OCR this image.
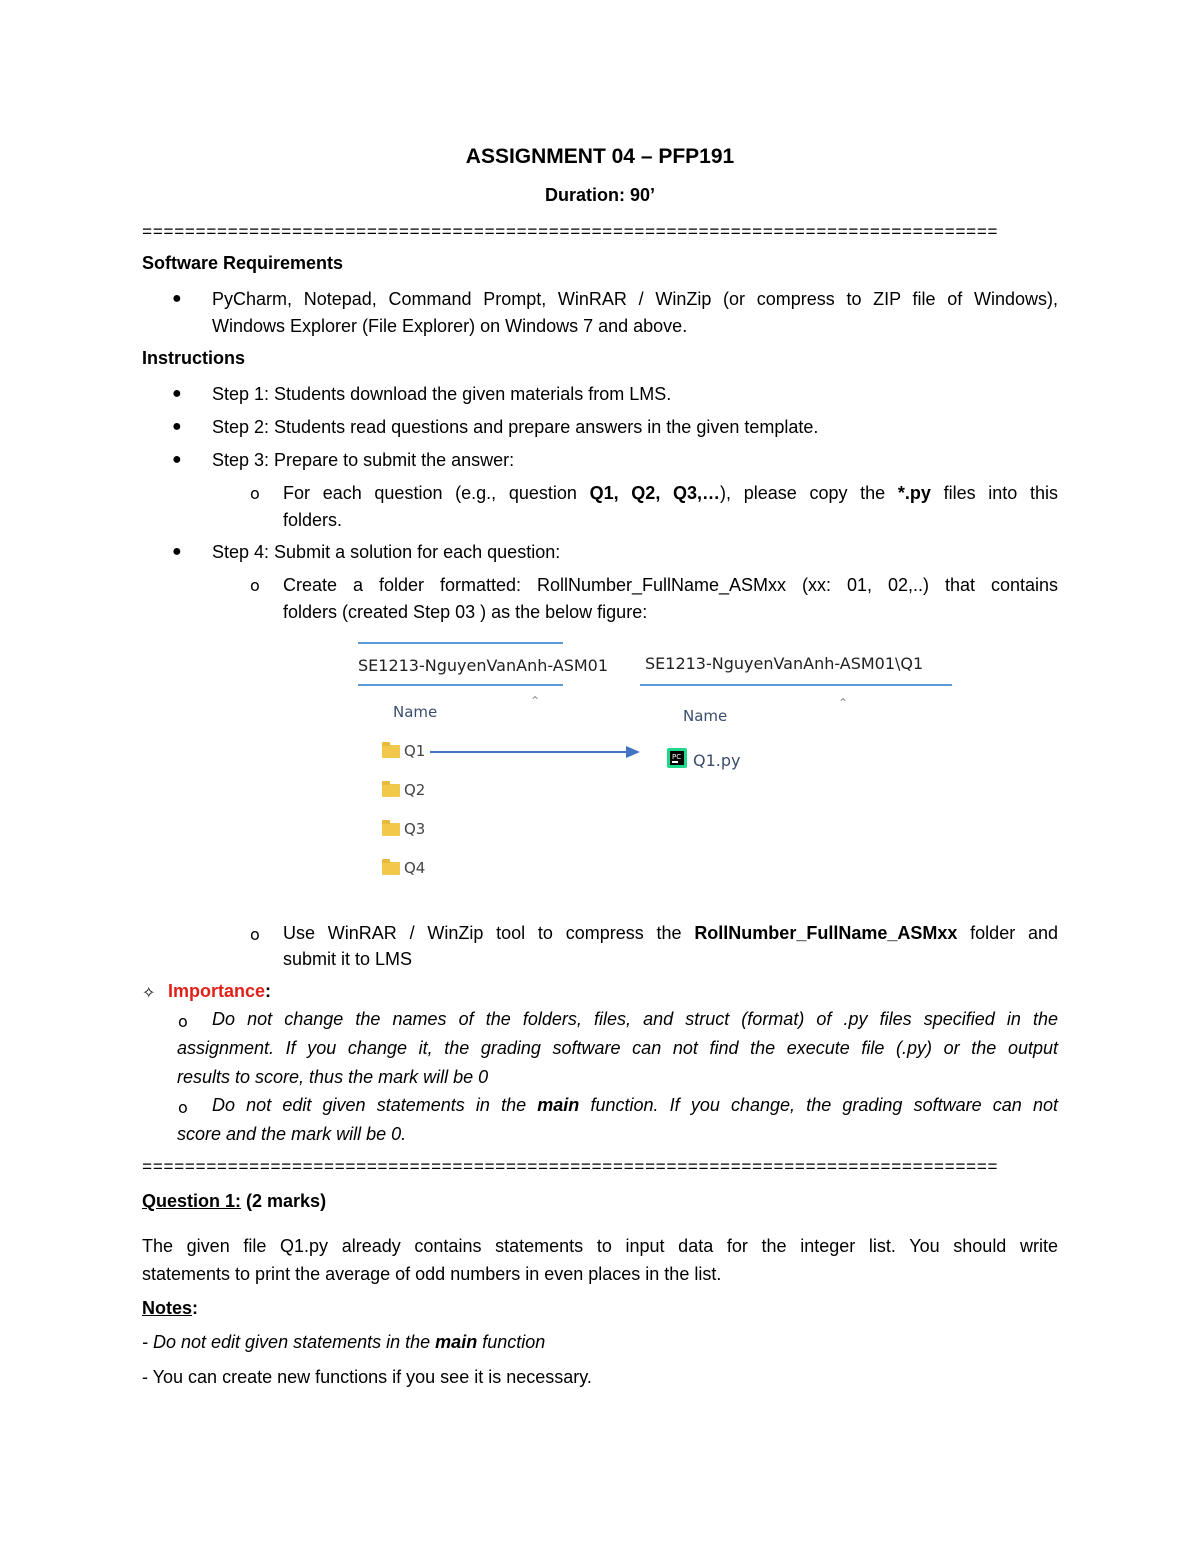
ASSIGNMENT 04 – PFP191
Duration: 90’
================================================================================
Software Requirements
● PyCharm, Notepad, Command Prompt, WinRAR / WinZip (or compress to ZIP file of Windows),
Windows Explorer (File Explorer) on Windows 7 and above.
Instructions
● Step 1: Students download the given materials from LMS.
● Step 2: Students read questions and prepare answers in the given template.
● Step 3: Prepare to submit the answer:
o For each question (e.g., question Q1, Q2, Q3,…), please copy the *.py files into this
folders.
● Step 4: Submit a solution for each question:
o Create a folder formatted: RollNumber_FullName_ASMxx (xx: 01, 02,..) that contains
folders (created Step 03 ) as the below figure:
SE1213-NguyenVanAnh-ASM01 SE1213-NguyenVanAnh-ASM01\Q1
⌃
Name	⌃
Name
Q1
Q2
Q3
Q4
PC Q1.py
o Use WinRAR / WinZip tool to compress the RollNumber_FullName_ASMxx folder and
submit it to LMS
✧ Importance:
o Do not change the names of the folders, files, and struct (format) of .py files specified in the
assignment. If you change it, the grading software can not find the execute file (.py) or the output
results to score, thus the mark will be 0
o Do not edit given statements in the main function. If you change, the grading software can not
score and the mark will be 0.
================================================================================
Question 1: (2 marks)
The given file Q1.py already contains statements to input data for the integer list. You should write
statements to print the average of odd numbers in even places in the list.
Notes:
- Do not edit given statements in the main function
- You can create new functions if you see it is necessary.
